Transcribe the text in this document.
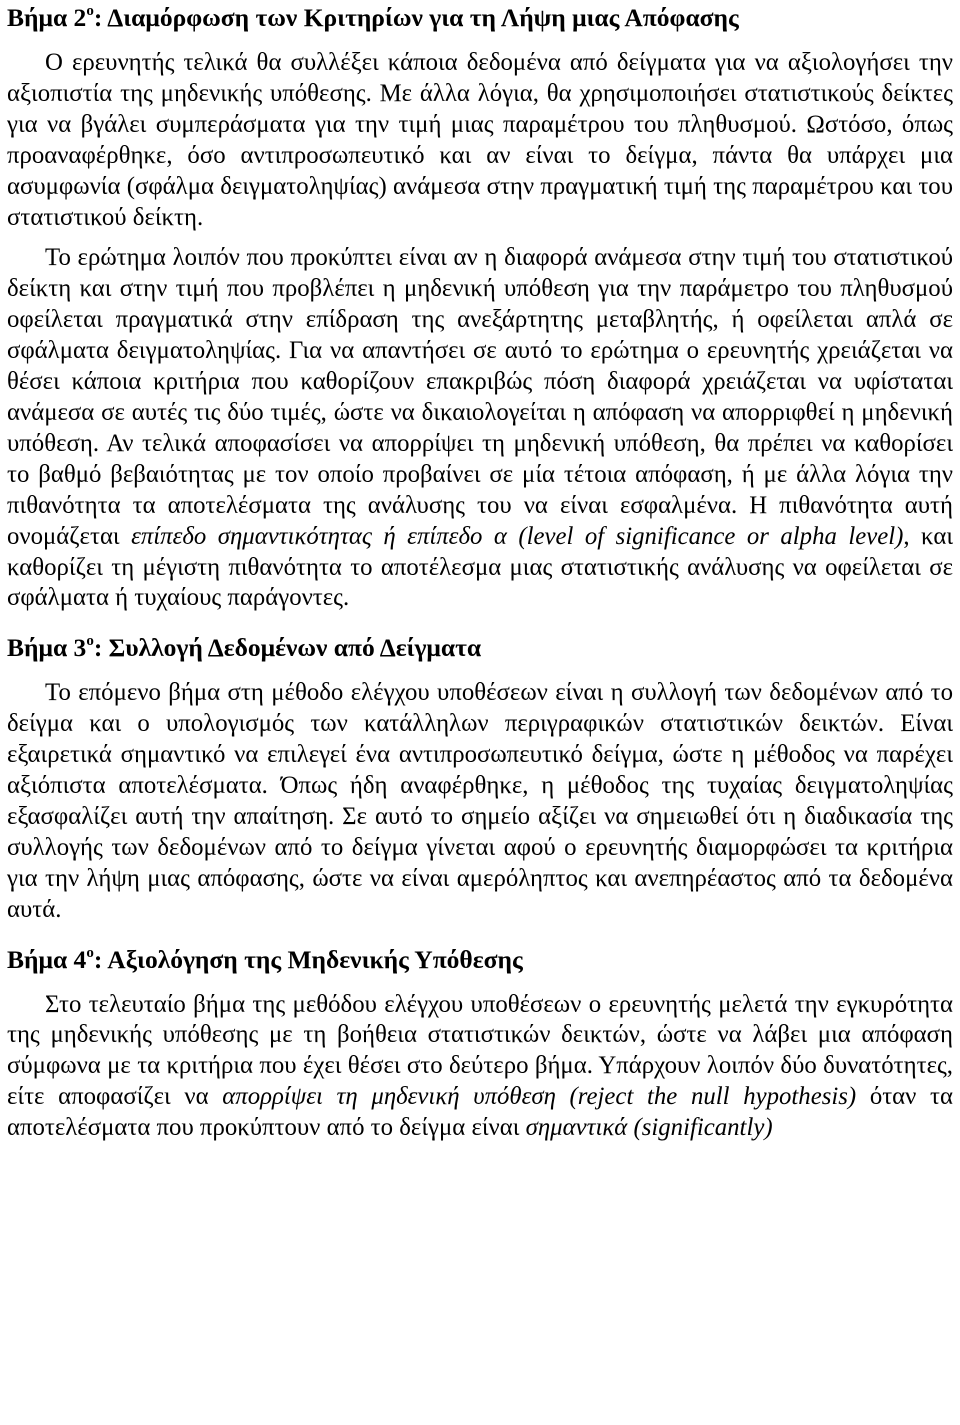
Βήμα $2^o$: Διαμόρφωση των Κριτηρίων για τη Λήψη μιας Απόφασης

Ο ερευνητής τελικά θα συλλέξει κάποια δεδομένα από δείγματα για να αξιολογήσει την αξιοπιστία της μηδενικής υπόθεσης. Με άλλα λόγια, θα χρησιμοποιήσει στατιστικούς δείκτες για να βγάλει συμπεράσματα για την τιμή μιας παραμέτρου του πληθυσμού. Ωστόσο, όπως προαναφέρθηκε, όσο αντιπροσωπευτικό και αν είναι το δείγμα, πάντα θα υπάρχει μια ασυμφωνία (σφάλμα δειγματοληψίας) ανάμεσα στην πραγματική τιμή της παραμέτρου και του στατιστικού δείκτη.

Το ερώτημα λοιπόν που προκύπτει είναι αν η διαφορά ανάμεσα στην τιμή του στατιστικού δείκτη και στην τιμή που προβλέπει η μηδενική υπόθεση για την παράμετρο του πληθυσμού οφείλεται πραγματικά στην επίδραση της ανεξάρτητης μεταβλητής, ή οφείλεται απλά σε σφάλματα δειγματοληψίας. Για να απαντήσει σε αυτό το ερώτημα ο ερευνητής χρειάζεται να θέσει κάποια κριτήρια που καθορίζουν επακριβώς πόση διαφορά χρειάζεται να υφίσταται ανάμεσα σε αυτές τις δύο τιμές, ώστε να δικαιολογείται η απόφαση να απορριφθεί η μηδενική υπόθεση. Αν τελικά αποφασίσει να απορρίψει τη μηδενική υπόθεση, θα πρέπει να καθορίσει το βαθμό βεβαιότητας με τον οποίο προβαίνει σε μία τέτοια απόφαση, ή με άλλα λόγια την πιθανότητα τα αποτελέσματα της ανάλυσης του να είναι εσφαλμένα. Η πιθανότητα αυτή ονομάζεται επίπεδο σημαντικότητας ή επίπεδο α (level of significance or alpha level), και καθορίζει τη μέγιστη πιθανότητα το αποτέλεσμα μιας στατιστικής ανάλυσης να οφείλεται σε σφάλματα ή τυχαίους παράγοντες.

Βήμα $3^o$: Συλλογή Δεδομένων από Δείγματα

Το επόμενο βήμα στη μέθοδο ελέγχου υποθέσεων είναι η συλλογή των δεδομένων από το δείγμα και ο υπολογισμός των κατάλληλων περιγραφικών στατιστικών δεικτών. Είναι εξαιρετικά σημαντικό να επιλεγεί ένα αντιπροσωπευτικό δείγμα, ώστε η μέθοδος να παρέχει αξιόπιστα αποτελέσματα. Όπως ήδη αναφέρθηκε, η μέθοδος της τυχαίας δειγματοληψίας εξασφαλίζει αυτή την απαίτηση. Σε αυτό το σημείο αξίζει να σημειωθεί ότι η διαδικασία της συλλογής των δεδομένων από το δείγμα γίνεται αφού ο ερευνητής διαμορφώσει τα κριτήρια για την λήψη μιας απόφασης, ώστε να είναι αμερόληπτος και ανεπηρέαστος από τα δεδομένα αυτά.

Βήμα $4^o$: Αξιολόγηση της Μηδενικής Υπόθεσης

Στο τελευταίο βήμα της μεθόδου ελέγχου υποθέσεων ο ερευνητής μελετά την εγκυρότητα της μηδενικής υπόθεσης με τη βοήθεια στατιστικών δεικτών, ώστε να λάβει μια απόφαση σύμφωνα με τα κριτήρια που έχει θέσει στο δεύτερο βήμα. Υπάρχουν λοιπόν δύο δυνατότητες, είτε αποφασίζει να απορρίψει τη μηδενική υπόθεση (reject the null hypothesis) όταν τα αποτελέσματα που προκύπτουν από το δείγμα είναι σημαντικά (significantly)
